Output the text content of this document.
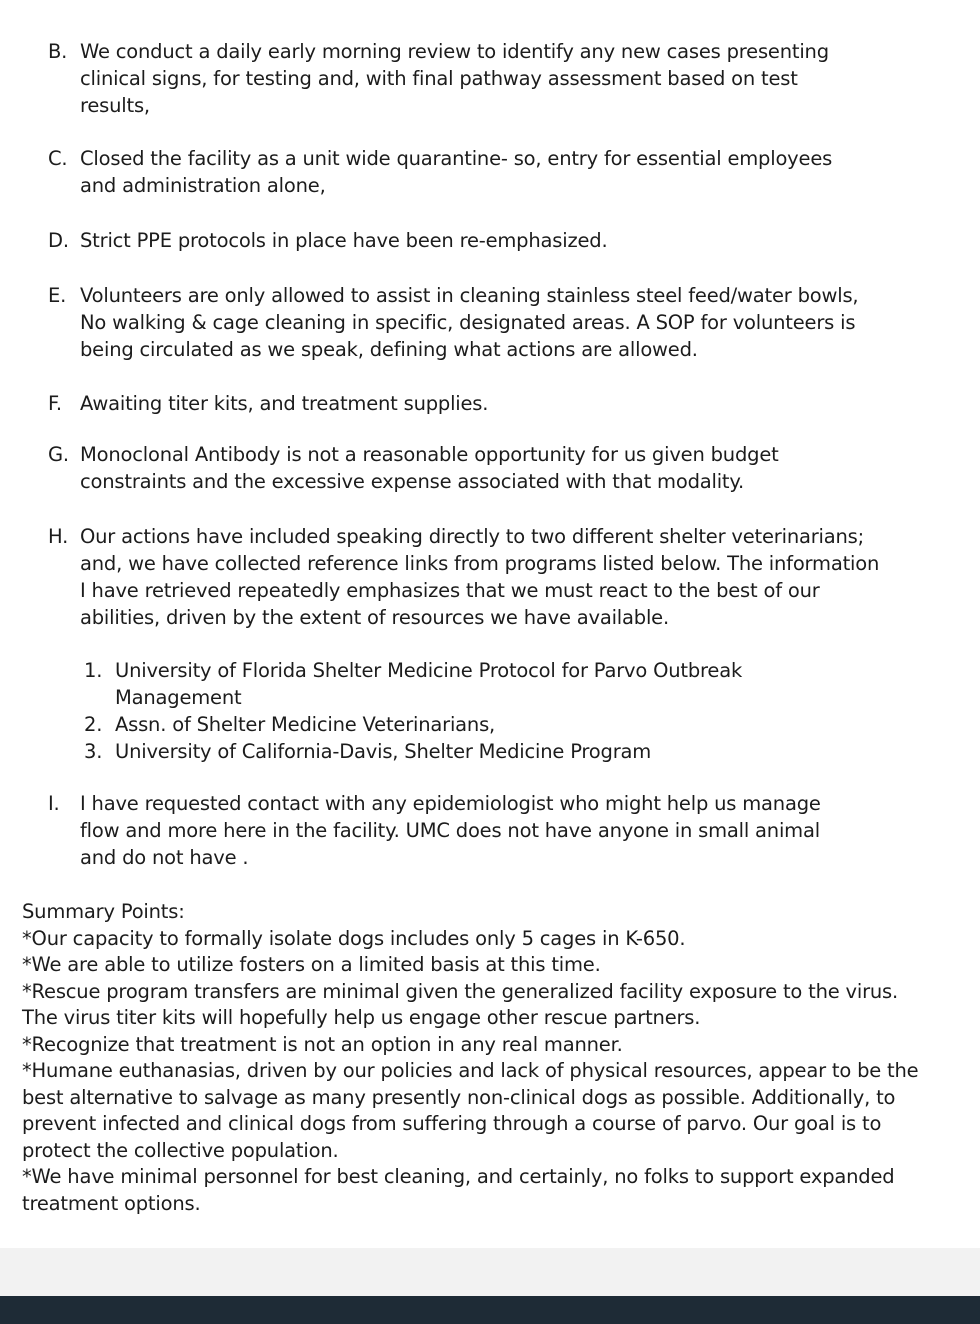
B. We conduct a daily early morning review to identify any new cases presenting clinical signs, for testing and, with final pathway assessment based on test results,
C. Closed the facility as a unit wide quarantine- so, entry for essential employees and administration alone,
D. Strict PPE protocols in place have been re-emphasized.
E. Volunteers are only allowed to assist in cleaning stainless steel feed/water bowls, No walking & cage cleaning in specific, designated areas. A SOP for volunteers is being circulated as we speak, defining what actions are allowed.
F. Awaiting titer kits, and treatment supplies.
G. Monoclonal Antibody is not a reasonable opportunity for us given budget constraints and the excessive expense associated with that modality.
H. Our actions have included speaking directly to two different shelter veterinarians; and, we have collected reference links from programs listed below. The information I have retrieved repeatedly emphasizes that we must react to the best of our abilities, driven by the extent of resources we have available.
1. University of Florida Shelter Medicine Protocol for Parvo Outbreak Management
2. Assn. of Shelter Medicine Veterinarians,
3. University of California-Davis, Shelter Medicine Program
I.	I have requested contact with any epidemiologist who might help us manage flow and more here in the facility. UMC does not have anyone in small animal and do not have .

Summary Points:

*Our capacity to formally isolate dogs includes only 5 cages in K-650.

*We are able to utilize fosters on a limited basis at this time.

*Rescue program transfers are minimal given the generalized facility exposure to the virus. The virus titer kits will hopefully help us engage other rescue partners.

*Recognize that treatment is not an option in any real manner.

*Humane euthanasias, driven by our policies and lack of physical resources, appear to be the best alternative to salvage as many presently non-clinical dogs as possible. Additionally, to prevent infected and clinical dogs from suffering through a course of parvo. Our goal is to protect the collective population.

*We have minimal personnel for best cleaning, and certainly, no folks to support expanded treatment options.
